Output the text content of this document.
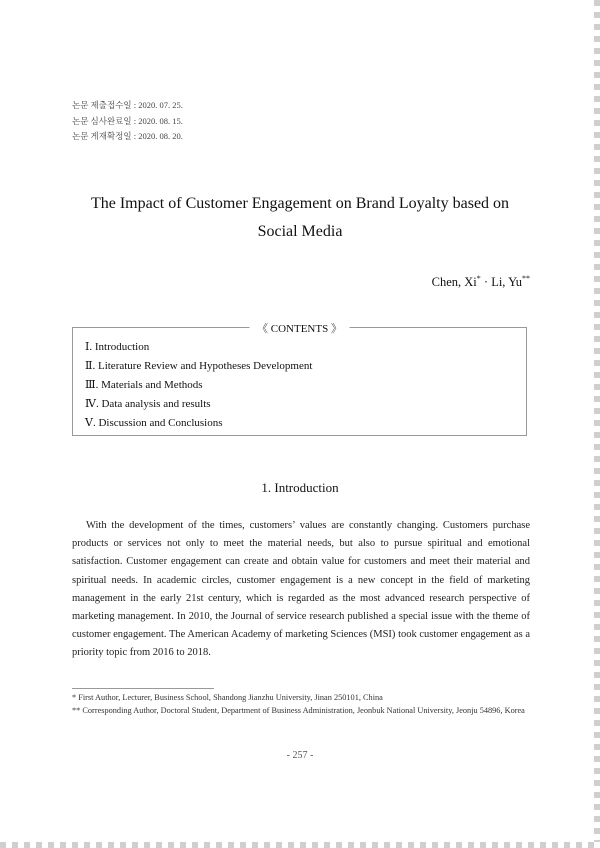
논문 제출접수일 : 2020. 07. 25.
논문 심사완료일 : 2020. 08. 15.
논문 게재확정일 : 2020. 08. 20.
The Impact of Customer Engagement on Brand Loyalty based on
Social Media
Chen, Xi* · Li, Yu**
《 CONTENTS 》
Ⅰ. Introduction
Ⅱ. Literature Review and Hypotheses Development
Ⅲ. Materials and Methods
Ⅳ. Data analysis and results
Ⅴ. Discussion and Conclusions
1. Introduction

With the development of the times, customers’ values are constantly changing. Customers purchase products or services not only to meet the material needs, but also to pursue spiritual and emotional satisfaction. Customer engagement can create and obtain value for customers and meet their material and spiritual needs. In academic circles, customer engagement is a new concept in the field of marketing management in the early 21st century, which is regarded as the most advanced research perspective of marketing management. In 2010, the Journal of service research published a special issue with the theme of customer engagement. The American Academy of marketing Sciences (MSI) took customer engagement as a priority topic from 2016 to 2018.

* First Author, Lecturer, Business School, Shandong Jianzhu University, Jinan 250101, China
** Corresponding Author, Doctoral Student, Department of Business Administration, Jeonbuk National University, Jeonju 54896, Korea
- 257 -
